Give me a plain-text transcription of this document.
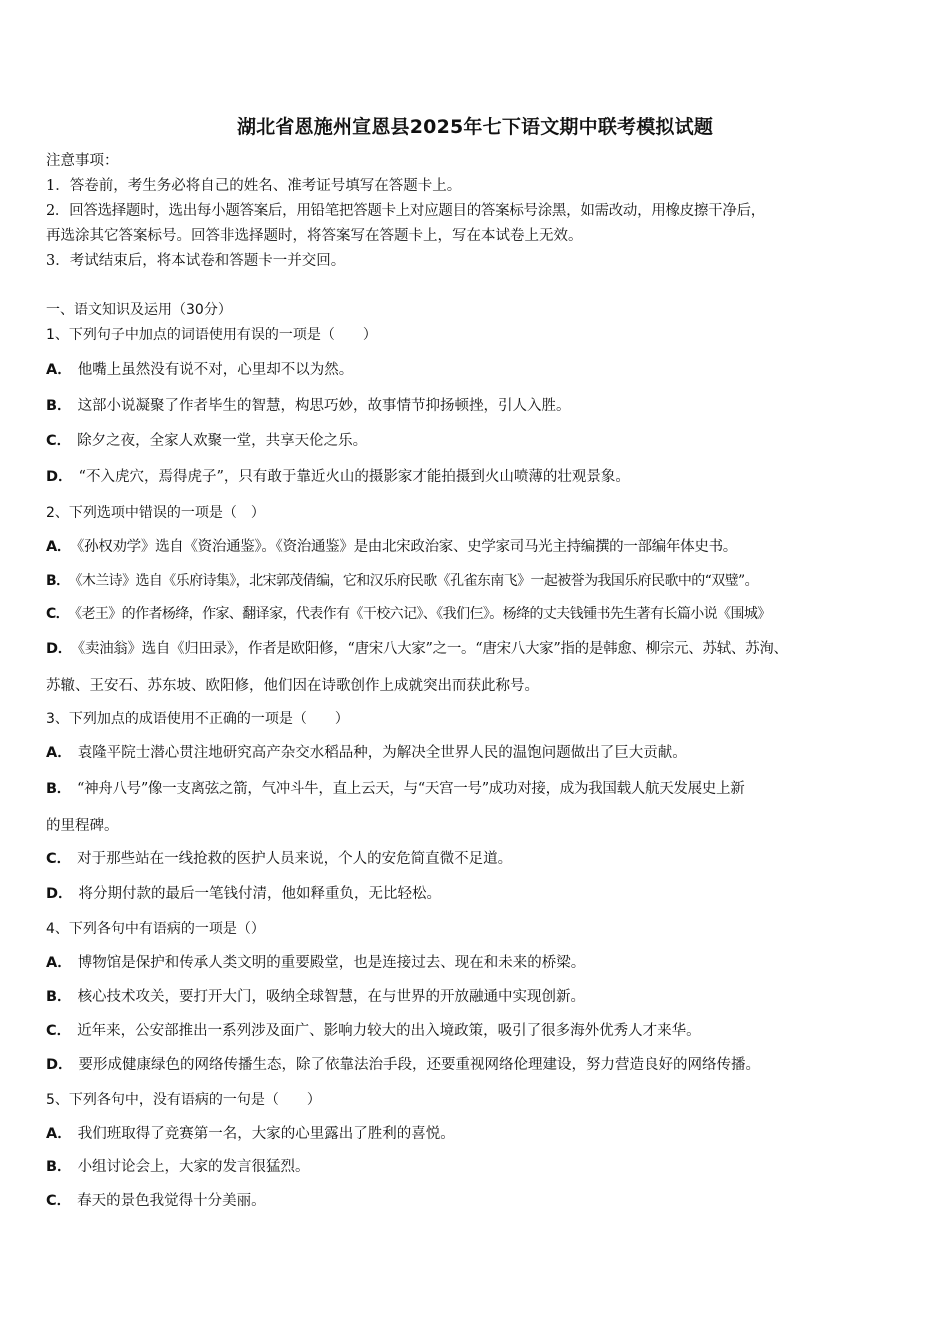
湖北省恩施州宣恩县2025年七下语文期中联考模拟试题
注意事项：
1．答卷前，考生务必将自己的姓名、准考证号填写在答题卡上。
2．回答选择题时，选出每小题答案后，用铅笔把答题卡上对应题目的答案标号涂黑，如需改动，用橡皮擦干净后，
再选涂其它答案标号。回答非选择题时，将答案写在答题卡上，写在本试卷上无效。
3．考试结束后，将本试卷和答题卡一并交回。
一、语文知识及运用（30分）
1、下列句子中加点的词语使用有误的一项是（　　）
A． 他嘴上虽然没有说不对，心里却不以为然。
B． 这部小说凝聚了作者毕生的智慧，构思巧妙，故事情节抑扬顿挫，引人入胜。
C． 除夕之夜，全家人欢聚一堂，共享天伦之乐。
D． “不入虎穴，焉得虎子”，只有敢于靠近火山的摄影家才能拍摄到火山喷薄的壮观景象。
2、下列选项中错误的一项是（　）
A． 《孙权劝学》选自《资治通鉴》。《资治通鉴》是由北宋政治家、史学家司马光主持编撰的一部编年体史书。
B． 《木兰诗》选自《乐府诗集》，北宋郭茂倩编，它和汉乐府民歌《孔雀东南飞》一起被誉为我国乐府民歌中的“双璧”。
C． 《老王》的作者杨绛，作家、翻译家，代表作有《干校六记》、《我们仨》。杨绛的丈夫钱锺书先生著有长篇小说《围城》
D． 《卖油翁》选自《归田录》，作者是欧阳修，“唐宋八大家”之一。“唐宋八大家”指的是韩愈、柳宗元、苏轼、苏洵、
苏辙、王安石、苏东坡、欧阳修，他们因在诗歌创作上成就突出而获此称号。
3、下列加点的成语使用不正确的一项是（　　）
A． 袁隆平院士潜心贯注地研究高产杂交水稻品种，为解决全世界人民的温饱问题做出了巨大贡献。
B． “神舟八号”像一支离弦之箭，气冲斗牛，直上云天，与“天宫一号”成功对接，成为我国载人航天发展史上新
的里程碑。
C． 对于那些站在一线抢救的医护人员来说，个人的安危简直微不足道。
D． 将分期付款的最后一笔钱付清，他如释重负，无比轻松。
4、下列各句中有语病的一项是（）
A． 博物馆是保护和传承人类文明的重要殿堂，也是连接过去、现在和未来的桥梁。
B． 核心技术攻关，要打开大门，吸纳全球智慧，在与世界的开放融通中实现创新。
C． 近年来，公安部推出一系列涉及面广、影响力较大的出入境政策，吸引了很多海外优秀人才来华。
D． 要形成健康绿色的网络传播生态，除了依靠法治手段，还要重视网络伦理建设，努力营造良好的网络传播。
5、下列各句中，没有语病的一句是（　　）
A． 我们班取得了竞赛第一名，大家的心里露出了胜利的喜悦。
B． 小组讨论会上，大家的发言很猛烈。
C． 春天的景色我觉得十分美丽。
